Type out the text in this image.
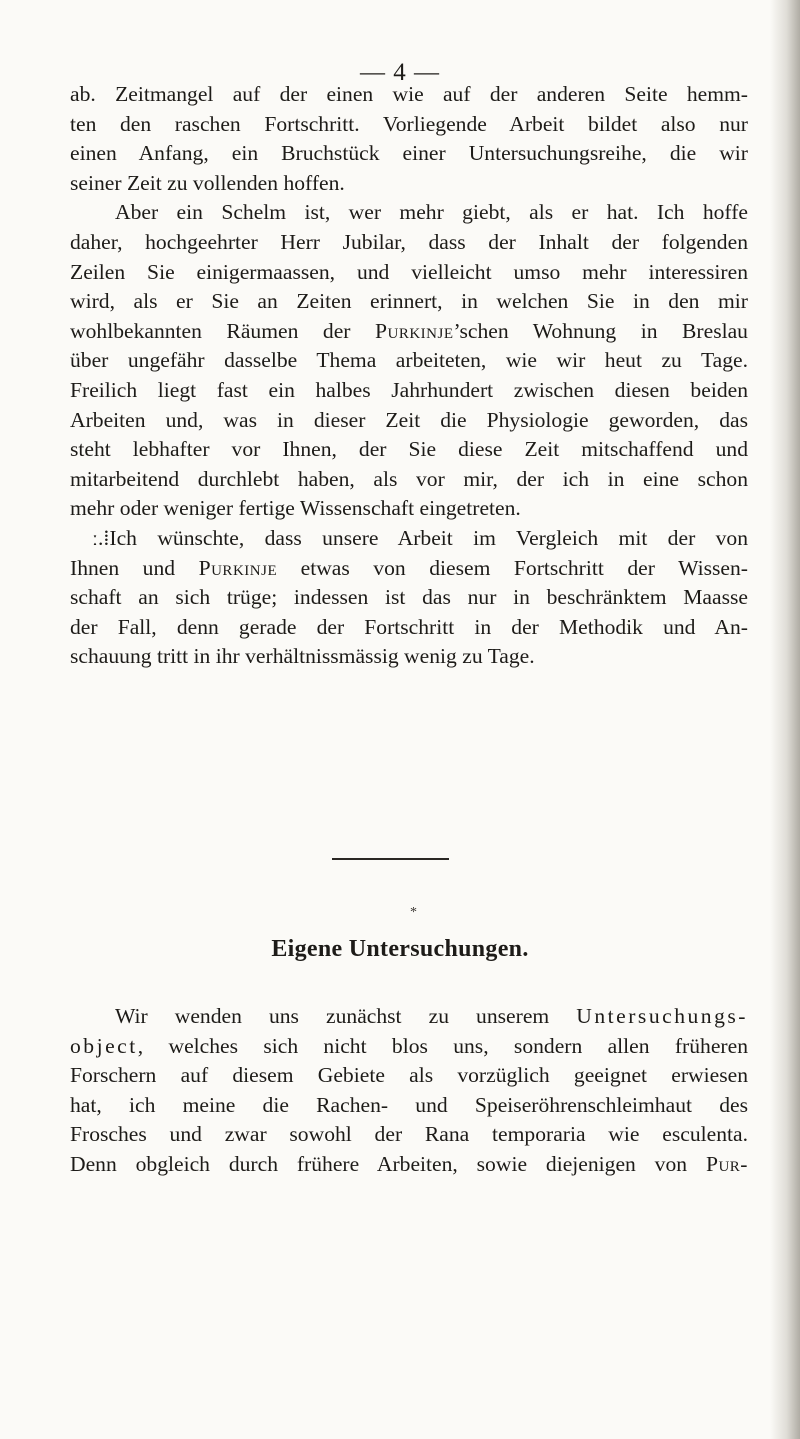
— 4 —
ab. Zeitmangel auf der einen wie auf der anderen Seite hemm-
ten den raschen Fortschritt. Vorliegende Arbeit bildet also nur
einen Anfang, ein Bruchstück einer Untersuchungsreihe, die wir
seiner Zeit zu vollenden hoffen.
Aber ein Schelm ist, wer mehr giebt, als er hat. Ich hoffe
daher, hochgeehrter Herr Jubilar, dass der Inhalt der folgenden
Zeilen Sie einigermaassen, und vielleicht umso mehr interessiren
wird, als er Sie an Zeiten erinnert, in welchen Sie in den mir
wohlbekannten Räumen der Purkinje’schen Wohnung in Breslau
über ungefähr dasselbe Thema arbeiteten, wie wir heut zu Tage.
Freilich liegt fast ein halbes Jahrhundert zwischen diesen beiden
Arbeiten und, was in dieser Zeit die Physiologie geworden, das
steht lebhafter vor Ihnen, der Sie diese Zeit mitschaffend und
mitarbeitend durchlebt haben, als vor mir, der ich in eine schon
mehr oder weniger fertige Wissenschaft eingetreten.
ː.⁞Ich wünschte, dass unsere Arbeit im Vergleich mit der von
Ihnen und Purkinje etwas von diesem Fortschritt der Wissen-
schaft an sich trüge; indessen ist das nur in beschränktem Maasse
der Fall, denn gerade der Fortschritt in der Methodik und An-
schauung tritt in ihr verhältnissmässig wenig zu Tage.
*
Eigene Untersuchungen.
Wir wenden uns zunächst zu unserem Untersuchungs-
object, welches sich nicht blos uns, sondern allen früheren
Forschern auf diesem Gebiete als vorzüglich geeignet erwiesen
hat, ich meine die Rachen- und Speiseröhrenschleimhaut des
Frosches und zwar sowohl der Rana temporaria wie esculenta.
Denn obgleich durch frühere Arbeiten, sowie diejenigen von Pur-
